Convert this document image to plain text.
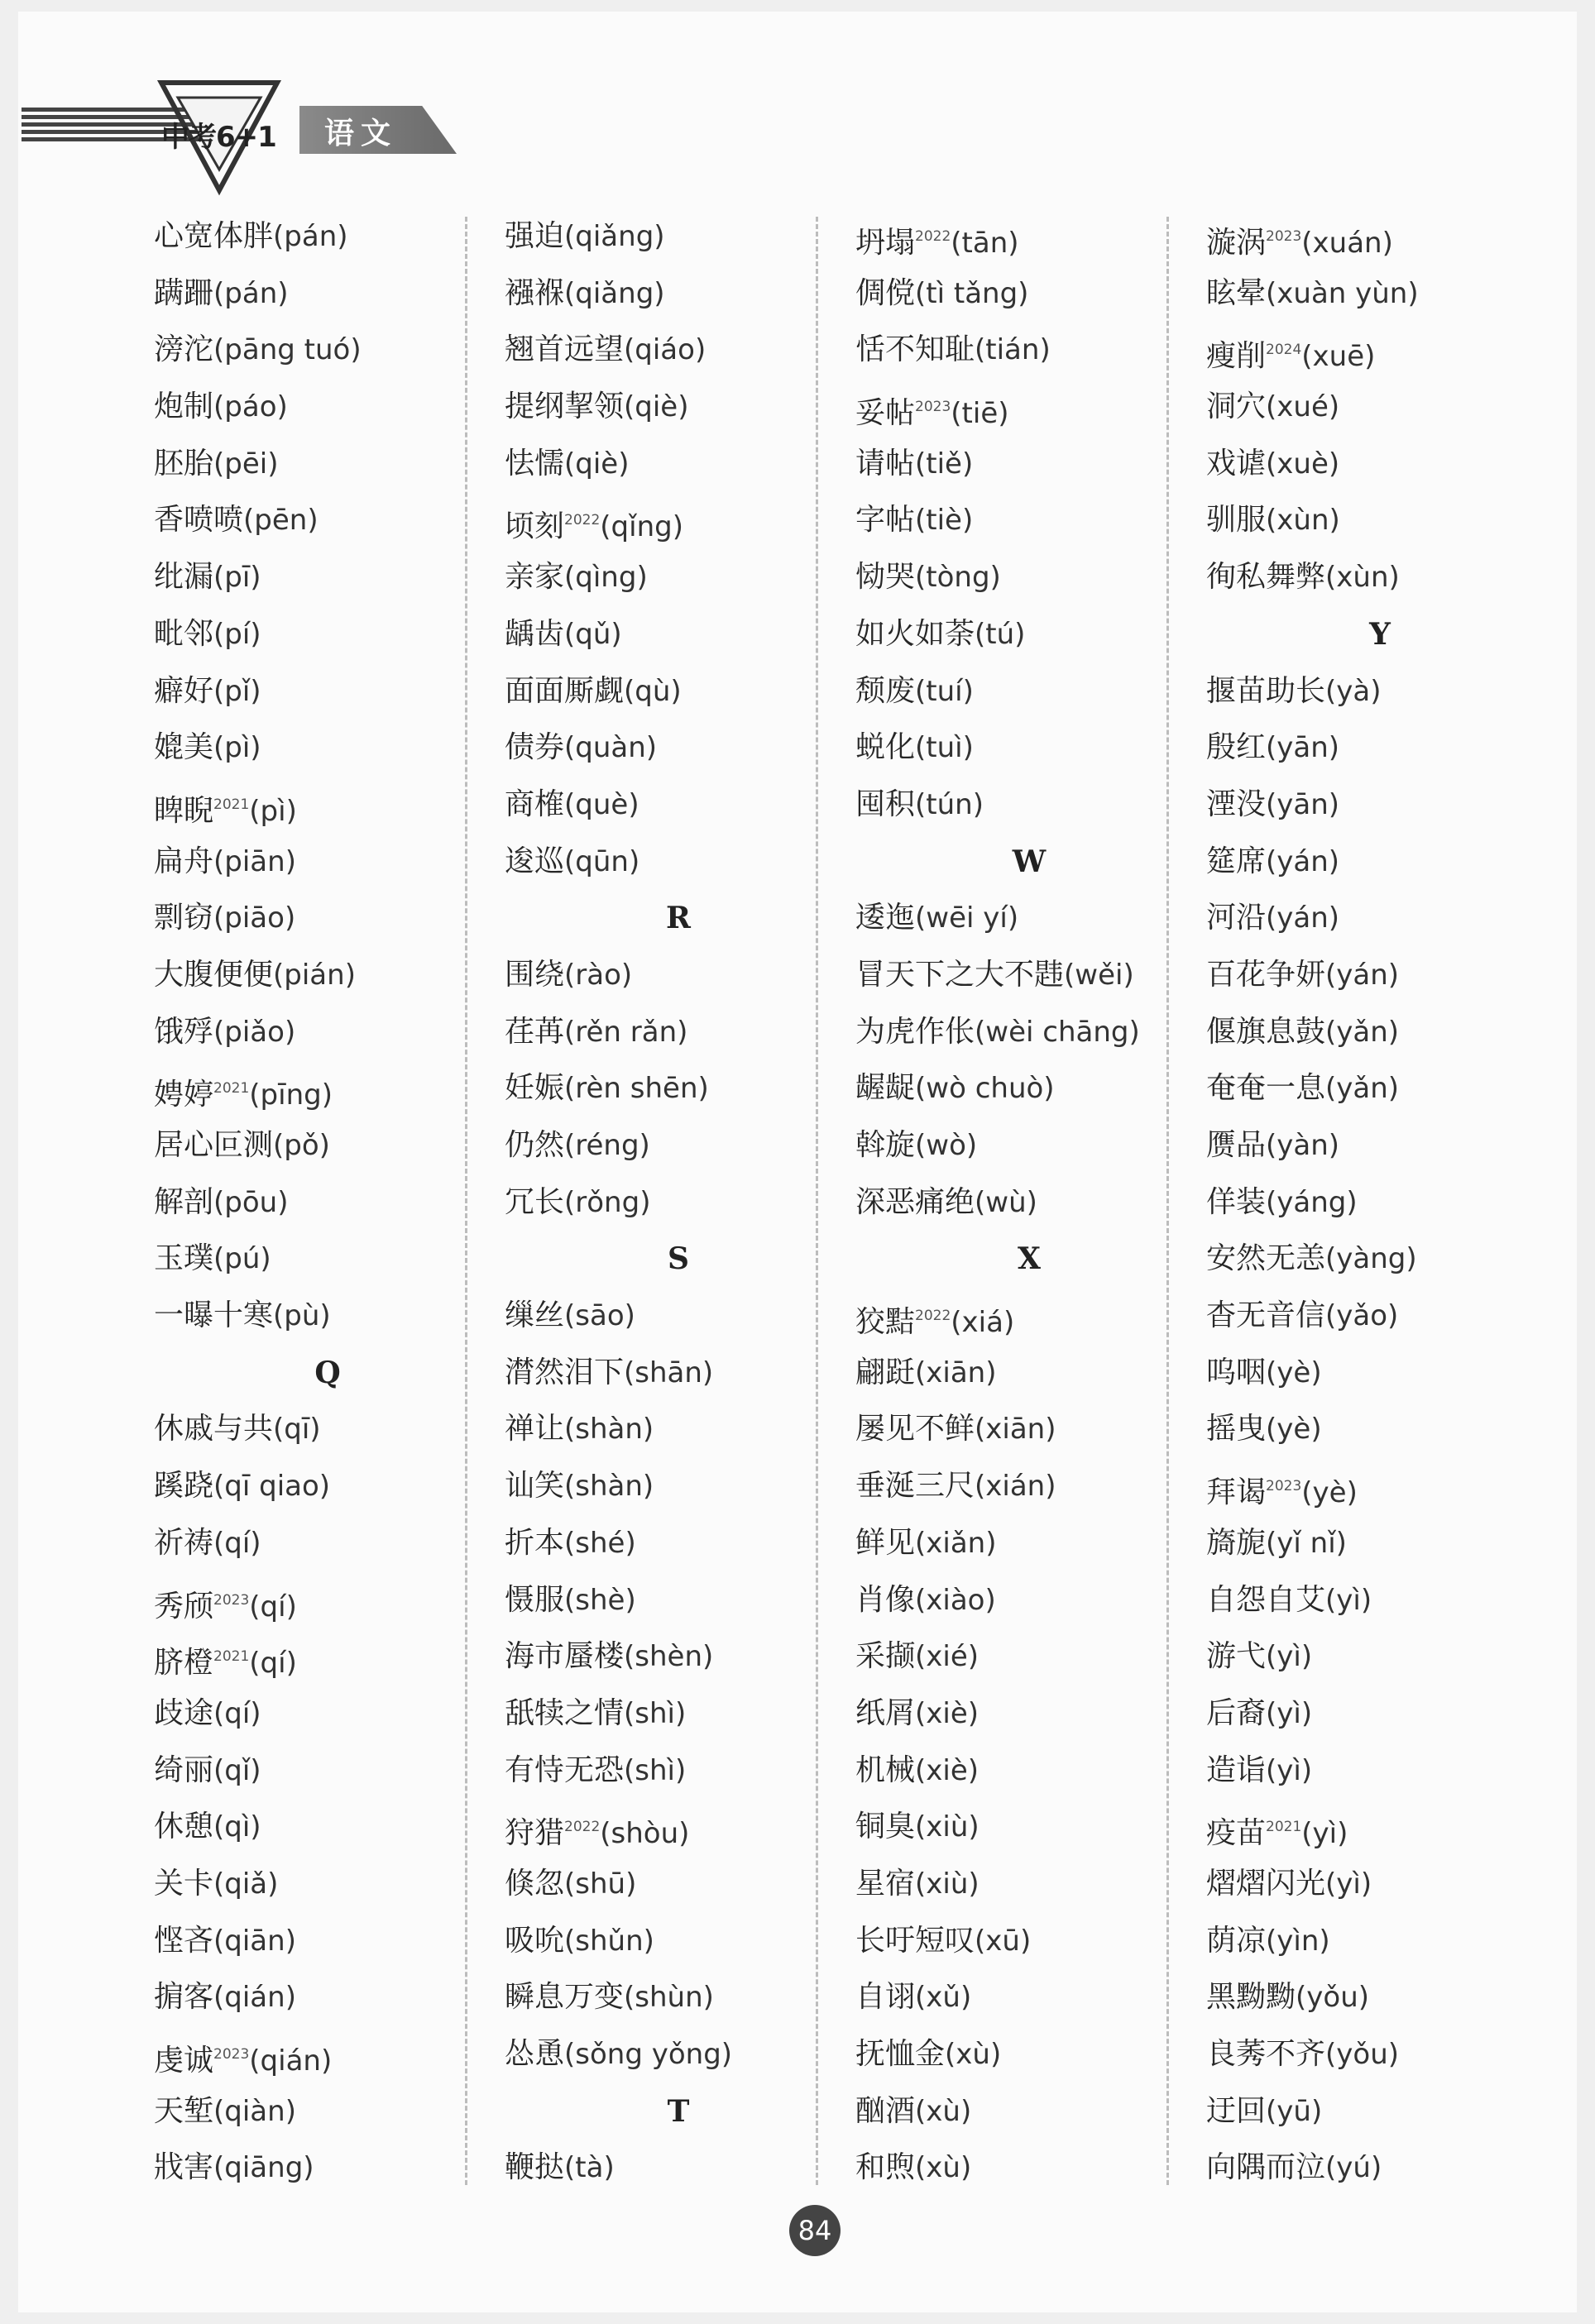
中考6+1 语文
心宽体胖(pán)
蹒跚(pán)
滂沱(pāng tuó)
炮制(páo)
胚胎(pēi)
香喷喷(pēn)
纰漏(pī)
毗邻(pí)
癖好(pǐ)
媲美(pì)
睥睨$^{2021}$(pì)
扁舟(piān)
剽窃(piāo)
大腹便便(pián)
饿殍(piǎo)
娉婷$^{2021}$(pīng)
居心叵测(pǒ)
解剖(pōu)
玉璞(pú)
一曝十寒(pù)
Q
休戚与共(qī)
蹊跷(qī qiao)
祈祷(qí)
秀颀$^{2023}$(qí)
脐橙$^{2021}$(qí)
歧途(qí)
绮丽(qǐ)
休憩(qì)
关卡(qiǎ)
悭吝(qiān)
掮客(qián)
虔诚$^{2023}$(qián)
天堑(qiàn)
戕害(qiāng)
强迫(qiǎng)
襁褓(qiǎng)
翘首远望(qiáo)
提纲挈领(qiè)
怯懦(qiè)
顷刻$^{2022}$(qǐng)
亲家(qìng)
龋齿(qǔ)
面面厮觑(qù)
债券(quàn)
商榷(què)
逡巡(qūn)
R
围绕(rào)
荏苒(rěn rǎn)
妊娠(rèn shēn)
仍然(réng)
冗长(rǒng)
S
缫丝(sāo)
潸然泪下(shān)
禅让(shàn)
讪笑(shàn)
折本(shé)
慑服(shè)
海市蜃楼(shèn)
舐犊之情(shì)
有恃无恐(shì)
狩猎$^{2022}$(shòu)
倏忽(shū)
吸吮(shǔn)
瞬息万变(shùn)
怂恿(sǒng yǒng)
T
鞭挞(tà)
坍塌$^{2022}$(tān)
倜傥(tì tǎng)
恬不知耻(tián)
妥帖$^{2023}$(tiē)
请帖(tiě)
字帖(tiè)
恸哭(tòng)
如火如荼(tú)
颓废(tuí)
蜕化(tuì)
囤积(tún)
W
逶迤(wēi yí)
冒天下之大不韪(wěi)
为虎作伥(wèi chāng)
龌龊(wò chuò)
斡旋(wò)
深恶痛绝(wù)
X
狡黠$^{2022}$(xiá)
翩跹(xiān)
屡见不鲜(xiān)
垂涎三尺(xián)
鲜见(xiǎn)
肖像(xiào)
采撷(xié)
纸屑(xiè)
机械(xiè)
铜臭(xiù)
星宿(xiù)
长吁短叹(xū)
自诩(xǔ)
抚恤金(xù)
酗酒(xù)
和煦(xù)
漩涡$^{2023}$(xuán)
眩晕(xuàn yùn)
瘦削$^{2024}$(xuē)
洞穴(xué)
戏谑(xuè)
驯服(xùn)
徇私舞弊(xùn)
Y
揠苗助长(yà)
殷红(yān)
湮没(yān)
筵席(yán)
河沿(yán)
百花争妍(yán)
偃旗息鼓(yǎn)
奄奄一息(yǎn)
赝品(yàn)
佯装(yáng)
安然无恙(yàng)
杳无音信(yǎo)
呜咽(yè)
摇曳(yè)
拜谒$^{2023}$(yè)
旖旎(yǐ nǐ)
自怨自艾(yì)
游弋(yì)
后裔(yì)
造诣(yì)
疫苗$^{2021}$(yì)
熠熠闪光(yì)
荫凉(yìn)
黑黝黝(yǒu)
良莠不齐(yǒu)
迂回(yū)
向隅而泣(yú)
84
